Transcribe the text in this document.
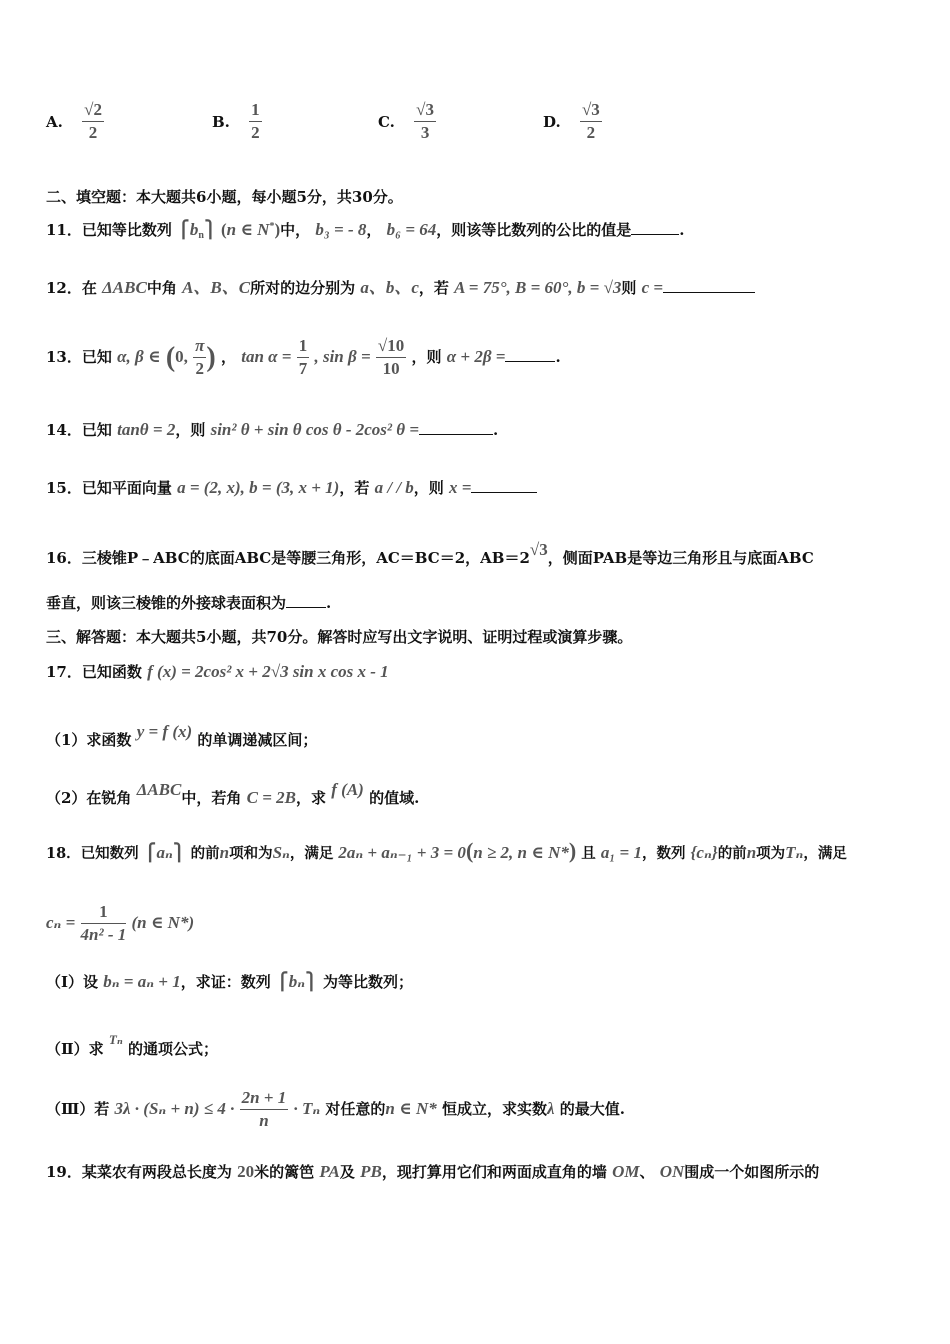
A. $\frac{√2}{2}$	B. $\frac{1}{2}$	C. $\frac{√3}{3}$	D. $\frac{√3}{2}$
二、填空题：本大题共6小题，每小题5分，共30分。
11．已知等比数列 $⎧b_n⎫$ (n ∈ N*)中， b₃ = - 8， b₆ = 64，则该等比数列的公比的值是	.
12．在 ΔABC中角 A、B、C所对的边分别为 a、b、c，若 A = 75°, B = 60°, b = √3则 c =
13．已知 α, β ∈ (0, $\frac{\pi}{2}$ ) ， $\tan \alpha = \frac{1}{7}$ , $\sin \beta = \frac{√10}{10}$ ，则 α + 2β =	.
14．已知 tanθ = 2，则 sin² θ + sin θ cos θ - 2cos² θ =	.
15．已知平面向量 a = (2, x), b = (3, x + 1)，若 a / / b，则 x =
16．三棱锥P﹣ABC的底面ABC是等腰三角形，AC＝BC＝2，AB＝2√3，侧面PAB是等边三角形且与底面ABC
垂直，则该三棱锥的外接球表面积为	.
三、解答题：本大题共5小题，共70分。解答时应写出文字说明、证明过程或演算步骤。
17．已知函数 f (x) = 2cos² x + 2√3 sin x cos x - 1
（1）求函数 y = f (x) 的单调递减区间；
（2）在锐角 ΔABC中，若角 C = 2B，求 f (A) 的值域.
18．已知数列 ⎧aₙ⎫ 的前n项和为Sₙ，满足 2aₙ + aₙ₋₁ + 3 = 0(n ≥ 2, n ∈ N*) 且 a₁ = 1，数列 {cₙ}的前n项为Tₙ，满足
$c_n = \frac{1}{\text{4n² - 1}} (n$ ∈ N*)
（Ⅰ）设 bₙ = aₙ + 1，求证：数列 ⎧bₙ⎫ 为等比数列；
（Ⅱ）求 Tₙ 的通项公式；
（Ⅲ）若 $3\lambda \cdot (S_n + n) \le 4 \cdot \frac{2n + 1}{n} \cdot T_n$ 对任意的n ∈ N* 恒成立，求实数λ 的最大值.
19．某菜农有两段总长度为 20米的篱笆 PA及 PB，现打算用它们和两面成直角的墙 OM、 ON围成一个如图所示的
